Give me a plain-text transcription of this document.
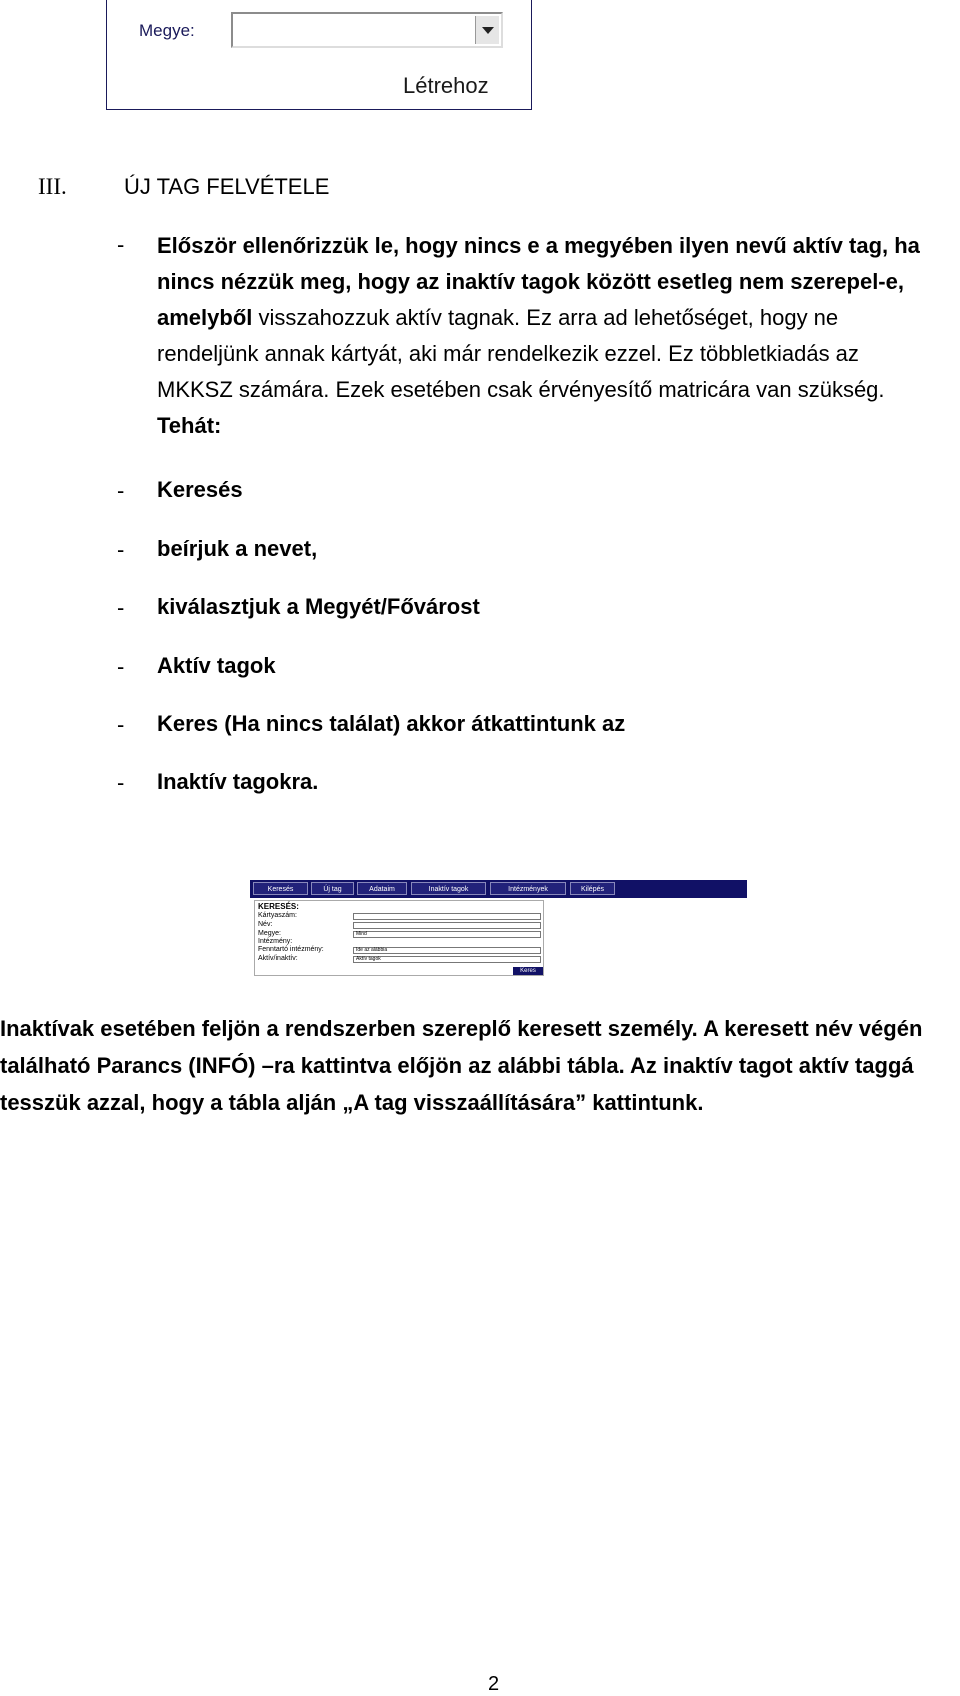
Megye:
Létrehoz
III.	ÚJ TAG FELVÉTELE
- Először ellenőrizzük le, hogy nincs e a megyében ilyen nevű aktív tag, ha
nincs nézzük meg, hogy az inaktív tagok között esetleg nem szerepel-e,
amelyből visszahozzuk aktív tagnak. Ez arra ad lehetőséget, hogy ne
rendeljünk annak kártyát, aki már rendelkezik ezzel. Ez többletkiadás az
MKKSZ számára. Ezek esetében csak érvényesítő matricára van szükség.
Tehát:
- Keresés
- beírjuk a nevet,
- kiválasztjuk a Megyét/Fővárost
- Aktív tagok
- Keres (Ha nincs találat) akkor átkattintunk az
- Inaktív tagokra.
Keresés	Új tag	Adataim	Inaktív tagok	Intézmények	Kilépés
KERESÉS:
Kártyaszám:
Név:
Megye:	Mind
Intézmény:
Fenntartó intézmény:	Ide az alábbia
Aktív/inaktív:	Aktív tagok
Keres
Inaktívak esetében feljön a rendszerben szereplő keresett személy. A keresett név végén
található Parancs (INFÓ) –ra kattintva előjön az alábbi tábla. Az inaktív tagot aktív taggá
tesszük azzal, hogy a tábla alján „A tag visszaállítására” kattintunk.
2
